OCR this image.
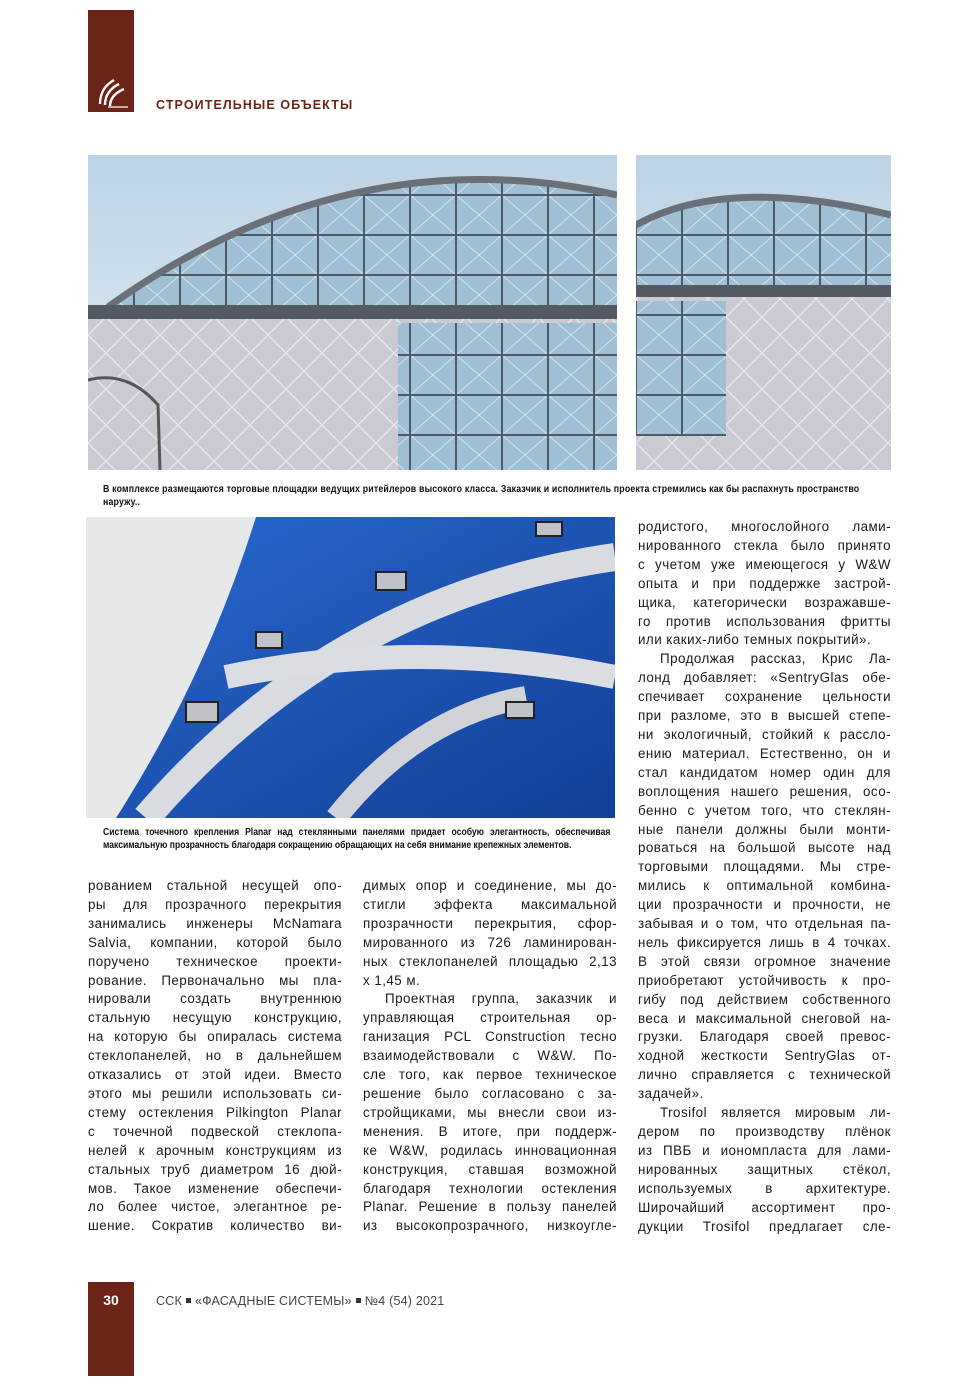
СТРОИТЕЛЬНЫЕ ОБЪЕКТЫ
В комплексе размещаются торговые площадки ведущих ритейлеров высокого класса. Заказчик и исполнитель проекта стремились как бы распахнуть пространство наружу..
Система точечного крепления Planar над стеклянными панелями придает особую элегантность, обеспечивая максимальную прозрачность благодаря сокращению обращающих на себя внимание крепежных элементов.
рованием стальной несущей опо-
ры для прозрачного перекрытия
занимались инженеры McNamara
Salvia, компании, которой было
поручено техническое проекти-
рование. Первоначально мы пла-
нировали создать внутреннюю
стальную несущую конструкцию,
на которую бы опиралась система
стеклопанелей, но в дальнейшем
отказались от этой идеи. Вместо
этого мы решили использовать си-
стему остекления Pilkington Planar
с точечной подвеской стеклопа-
нелей к арочным конструкциям из
стальных труб диаметром 16 дюй-
мов. Такое изменение обеспечи-
ло более чистое, элегантное ре-
шение. Сократив количество ви-
димых опор и соединение, мы до-
стигли эффекта максимальной
прозрачности перекрытия, сфор-
мированного из 726 ламинирован-
ных стеклопанелей площадью 2,13
х 1,45 м.
Проектная группа, заказчик и
управляющая строительная ор-
ганизация PCL Construction тесно
взаимодействовали с W&W. По-
сле того, как первое техническое
решение было согласовано с за-
стройщиками, мы внесли свои из-
менения. В итоге, при поддерж-
ке W&W, родилась инновационная
конструкция, ставшая возможной
благодаря технологии остекления
Planar. Решение в пользу панелей
из высокопрозрачного, низкоугле-
родистого, многослойного лами-
нированного стекла было принято
с учетом уже имеющегося у W&W
опыта и при поддержке застрой-
щика, категорически возражавше-
го против использования фритты
или каких-либо темных покрытий».
Продолжая рассказ, Крис Ла-
лонд добавляет: «SentryGlas обе-
спечивает сохранение цельности
при разломе, это в высшей степе-
ни экологичный, стойкий к рассло-
ению материал. Естественно, он и
стал кандидатом номер один для
воплощения нашего решения, осо-
бенно с учетом того, что стеклян-
ные панели должны были монти-
роваться на большой высоте над
торговыми площадями. Мы стре-
мились к оптимальной комбина-
ции прозрачности и прочности, не
забывая и о том, что отдельная па-
нель фиксируется лишь в 4 точках.
В этой связи огромное значение
приобретают устойчивость к про-
гибу под действием собственного
веса и максимальной снеговой на-
грузки. Благодаря своей превос-
ходной жесткости SentryGlas от-
лично справляется с технической
задачей».
Trosifol является мировым ли-
дером по производству плёнок
из ПВБ и иономпласта для лами-
нированных защитных стёкол,
используемых в архитектуре.
Широчайший ассортимент про-
дукции Trosifol предлагает сле-
30	ССК «ФАСАДНЫЕ СИСТЕМЫ» №4 (54) 2021
